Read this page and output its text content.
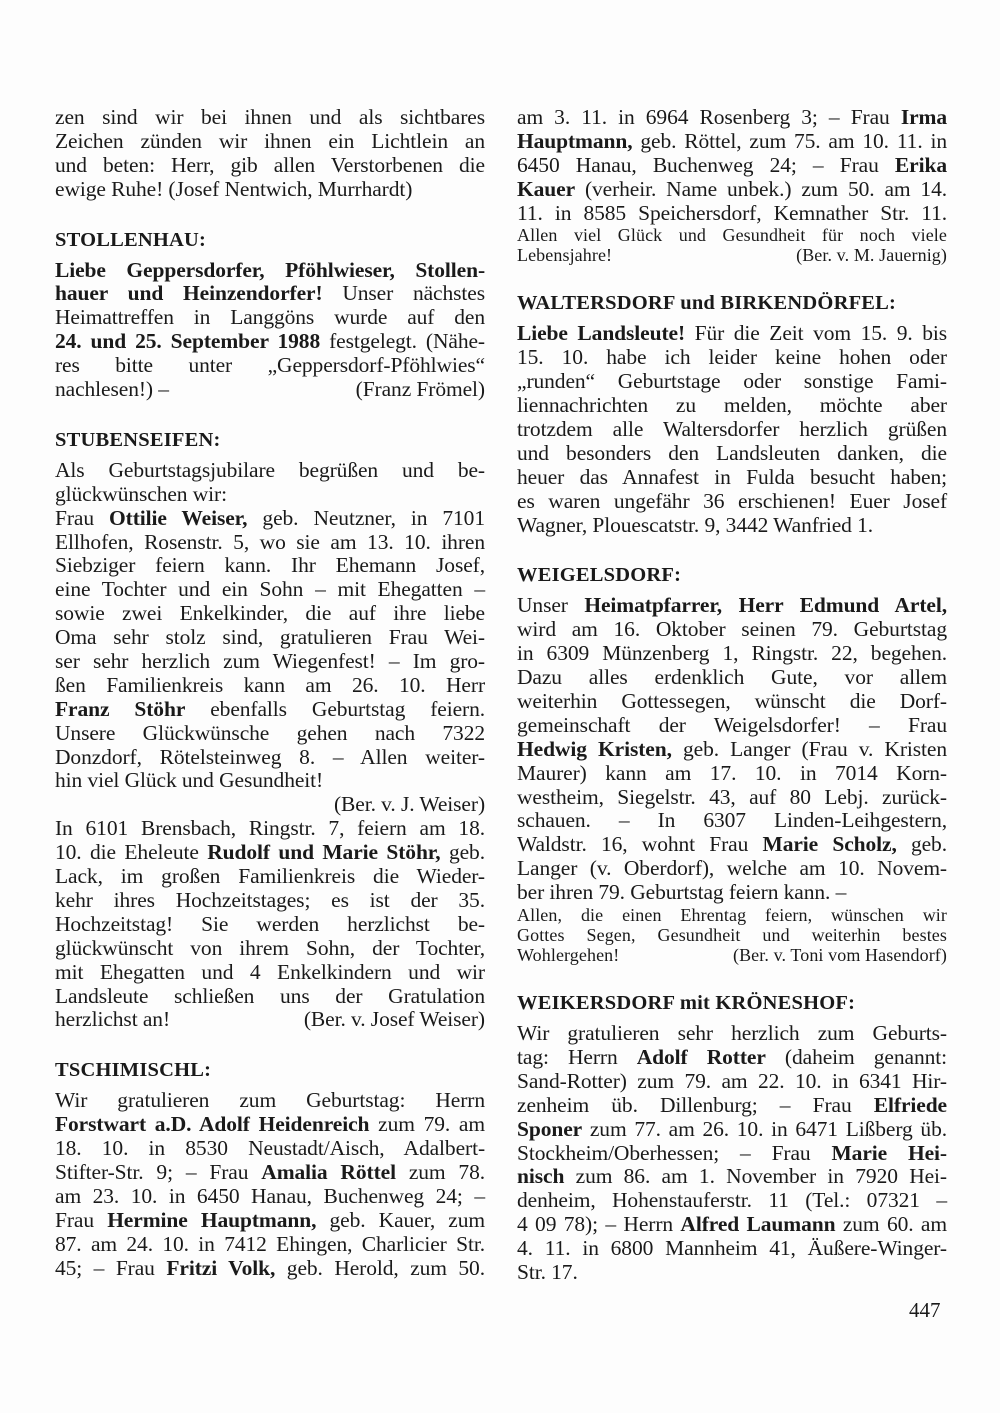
zen sind wir bei ihnen und als sichtbares
Zeichen zünden wir ihnen ein Lichtlein an
und beten: Herr, gib allen Verstorbenen die
ewige Ruhe! (Josef Nentwich, Murrhardt)
STOLLENHAU:
Liebe Geppersdorfer, Pföhlwieser, Stollen-
hauer und Heinzendorfer! Unser nächstes
Heimattreffen in Langgöns wurde auf den
24. und 25. September 1988 festgelegt. (Nähe-
res bitte unter „Geppersdorf-Pföhlwies“
nachlesen!) –	(Franz Frömel)
STUBENSEIFEN:
Als Geburtstagsjubilare begrüßen und be-
glückwünschen wir:
Frau Ottilie Weiser, geb. Neutzner, in 7101
Ellhofen, Rosenstr. 5, wo sie am 13. 10. ihren
Siebziger feiern kann. Ihr Ehemann Josef,
eine Tochter und ein Sohn – mit Ehegatten –
sowie zwei Enkelkinder, die auf ihre liebe
Oma sehr stolz sind, gratulieren Frau Wei-
ser sehr herzlich zum Wiegenfest! – Im gro-
ßen Familienkreis kann am 26. 10. Herr
Franz Stöhr ebenfalls Geburtstag feiern.
Unsere Glückwünsche gehen nach 7322
Donzdorf, Rötelsteinweg 8. – Allen weiter-
hin viel Glück und Gesundheit!
(Ber. v. J. Weiser)
In 6101 Brensbach, Ringstr. 7, feiern am 18.
10. die Eheleute Rudolf und Marie Stöhr, geb.
Lack, im großen Familienkreis die Wieder-
kehr ihres Hochzeitstages; es ist der 35.
Hochzeitstag! Sie werden herzlichst be-
glückwünscht von ihrem Sohn, der Tochter,
mit Ehegatten und 4 Enkelkindern und wir
Landsleute schließen uns der Gratulation
herzlichst an!	(Ber. v. Josef Weiser)
TSCHIMISCHL:
Wir gratulieren zum Geburtstag: Herrn
Forstwart a.D. Adolf Heidenreich zum 79. am
18. 10. in 8530 Neustadt/Aisch, Adalbert-
Stifter-Str. 9; – Frau Amalia Röttel zum 78.
am 23. 10. in 6450 Hanau, Buchenweg 24; –
Frau Hermine Hauptmann, geb. Kauer, zum
87. am 24. 10. in 7412 Ehingen, Charlicier Str.
45; – Frau Fritzi Volk, geb. Herold, zum 50.
am 3. 11. in 6964 Rosenberg 3; – Frau Irma
Hauptmann, geb. Röttel, zum 75. am 10. 11. in
6450 Hanau, Buchenweg 24; – Frau Erika
Kauer (verheir. Name unbek.) zum 50. am 14.
11. in 8585 Speichersdorf, Kemnather Str. 11.
Allen viel Glück und Gesundheit für noch viele
Lebensjahre!	(Ber. v. M. Jauernig)
WALTERSDORF und BIRKENDÖRFEL:
Liebe Landsleute! Für die Zeit vom 15. 9. bis
15. 10. habe ich leider keine hohen oder
„runden“ Geburtstage oder sonstige Fami-
liennachrichten zu melden, möchte aber
trotzdem alle Waltersdorfer herzlich grüßen
und besonders den Landsleuten danken, die
heuer das Annafest in Fulda besucht haben;
es waren ungefähr 36 erschienen! Euer Josef
Wagner, Plouescatstr. 9, 3442 Wanfried 1.
WEIGELSDORF:
Unser Heimatpfarrer, Herr Edmund Artel,
wird am 16. Oktober seinen 79. Geburtstag
in 6309 Münzenberg 1, Ringstr. 22, begehen.
Dazu alles erdenklich Gute, vor allem
weiterhin Gottessegen, wünscht die Dorf-
gemeinschaft der Weigelsdorfer! – Frau
Hedwig Kristen, geb. Langer (Frau v. Kristen
Maurer) kann am 17. 10. in 7014 Korn-
westheim, Siegelstr. 43, auf 80 Lebj. zurück-
schauen. – In 6307 Linden-Leihgestern,
Waldstr. 16, wohnt Frau Marie Scholz, geb.
Langer (v. Oberdorf), welche am 10. Novem-
ber ihren 79. Geburtstag feiern kann. –
Allen, die einen Ehrentag feiern, wünschen wir
Gottes Segen, Gesundheit und weiterhin bestes
Wohlergehen!	(Ber. v. Toni vom Hasendorf)
WEIKERSDORF mit KRÖNESHOF:
Wir gratulieren sehr herzlich zum Geburts-
tag: Herrn Adolf Rotter (daheim genannt:
Sand-Rotter) zum 79. am 22. 10. in 6341 Hir-
zenheim üb. Dillenburg; – Frau Elfriede
Sponer zum 77. am 26. 10. in 6471 Lißberg üb.
Stockheim/Oberhessen; – Frau Marie Hei-
nisch zum 86. am 1. November in 7920 Hei-
denheim, Hohenstauferstr. 11 (Tel.: 07321 –
4 09 78); – Herrn Alfred Laumann zum 60. am
4. 11. in 6800 Mannheim 41, Äußere-Winger-
Str. 17.
447
